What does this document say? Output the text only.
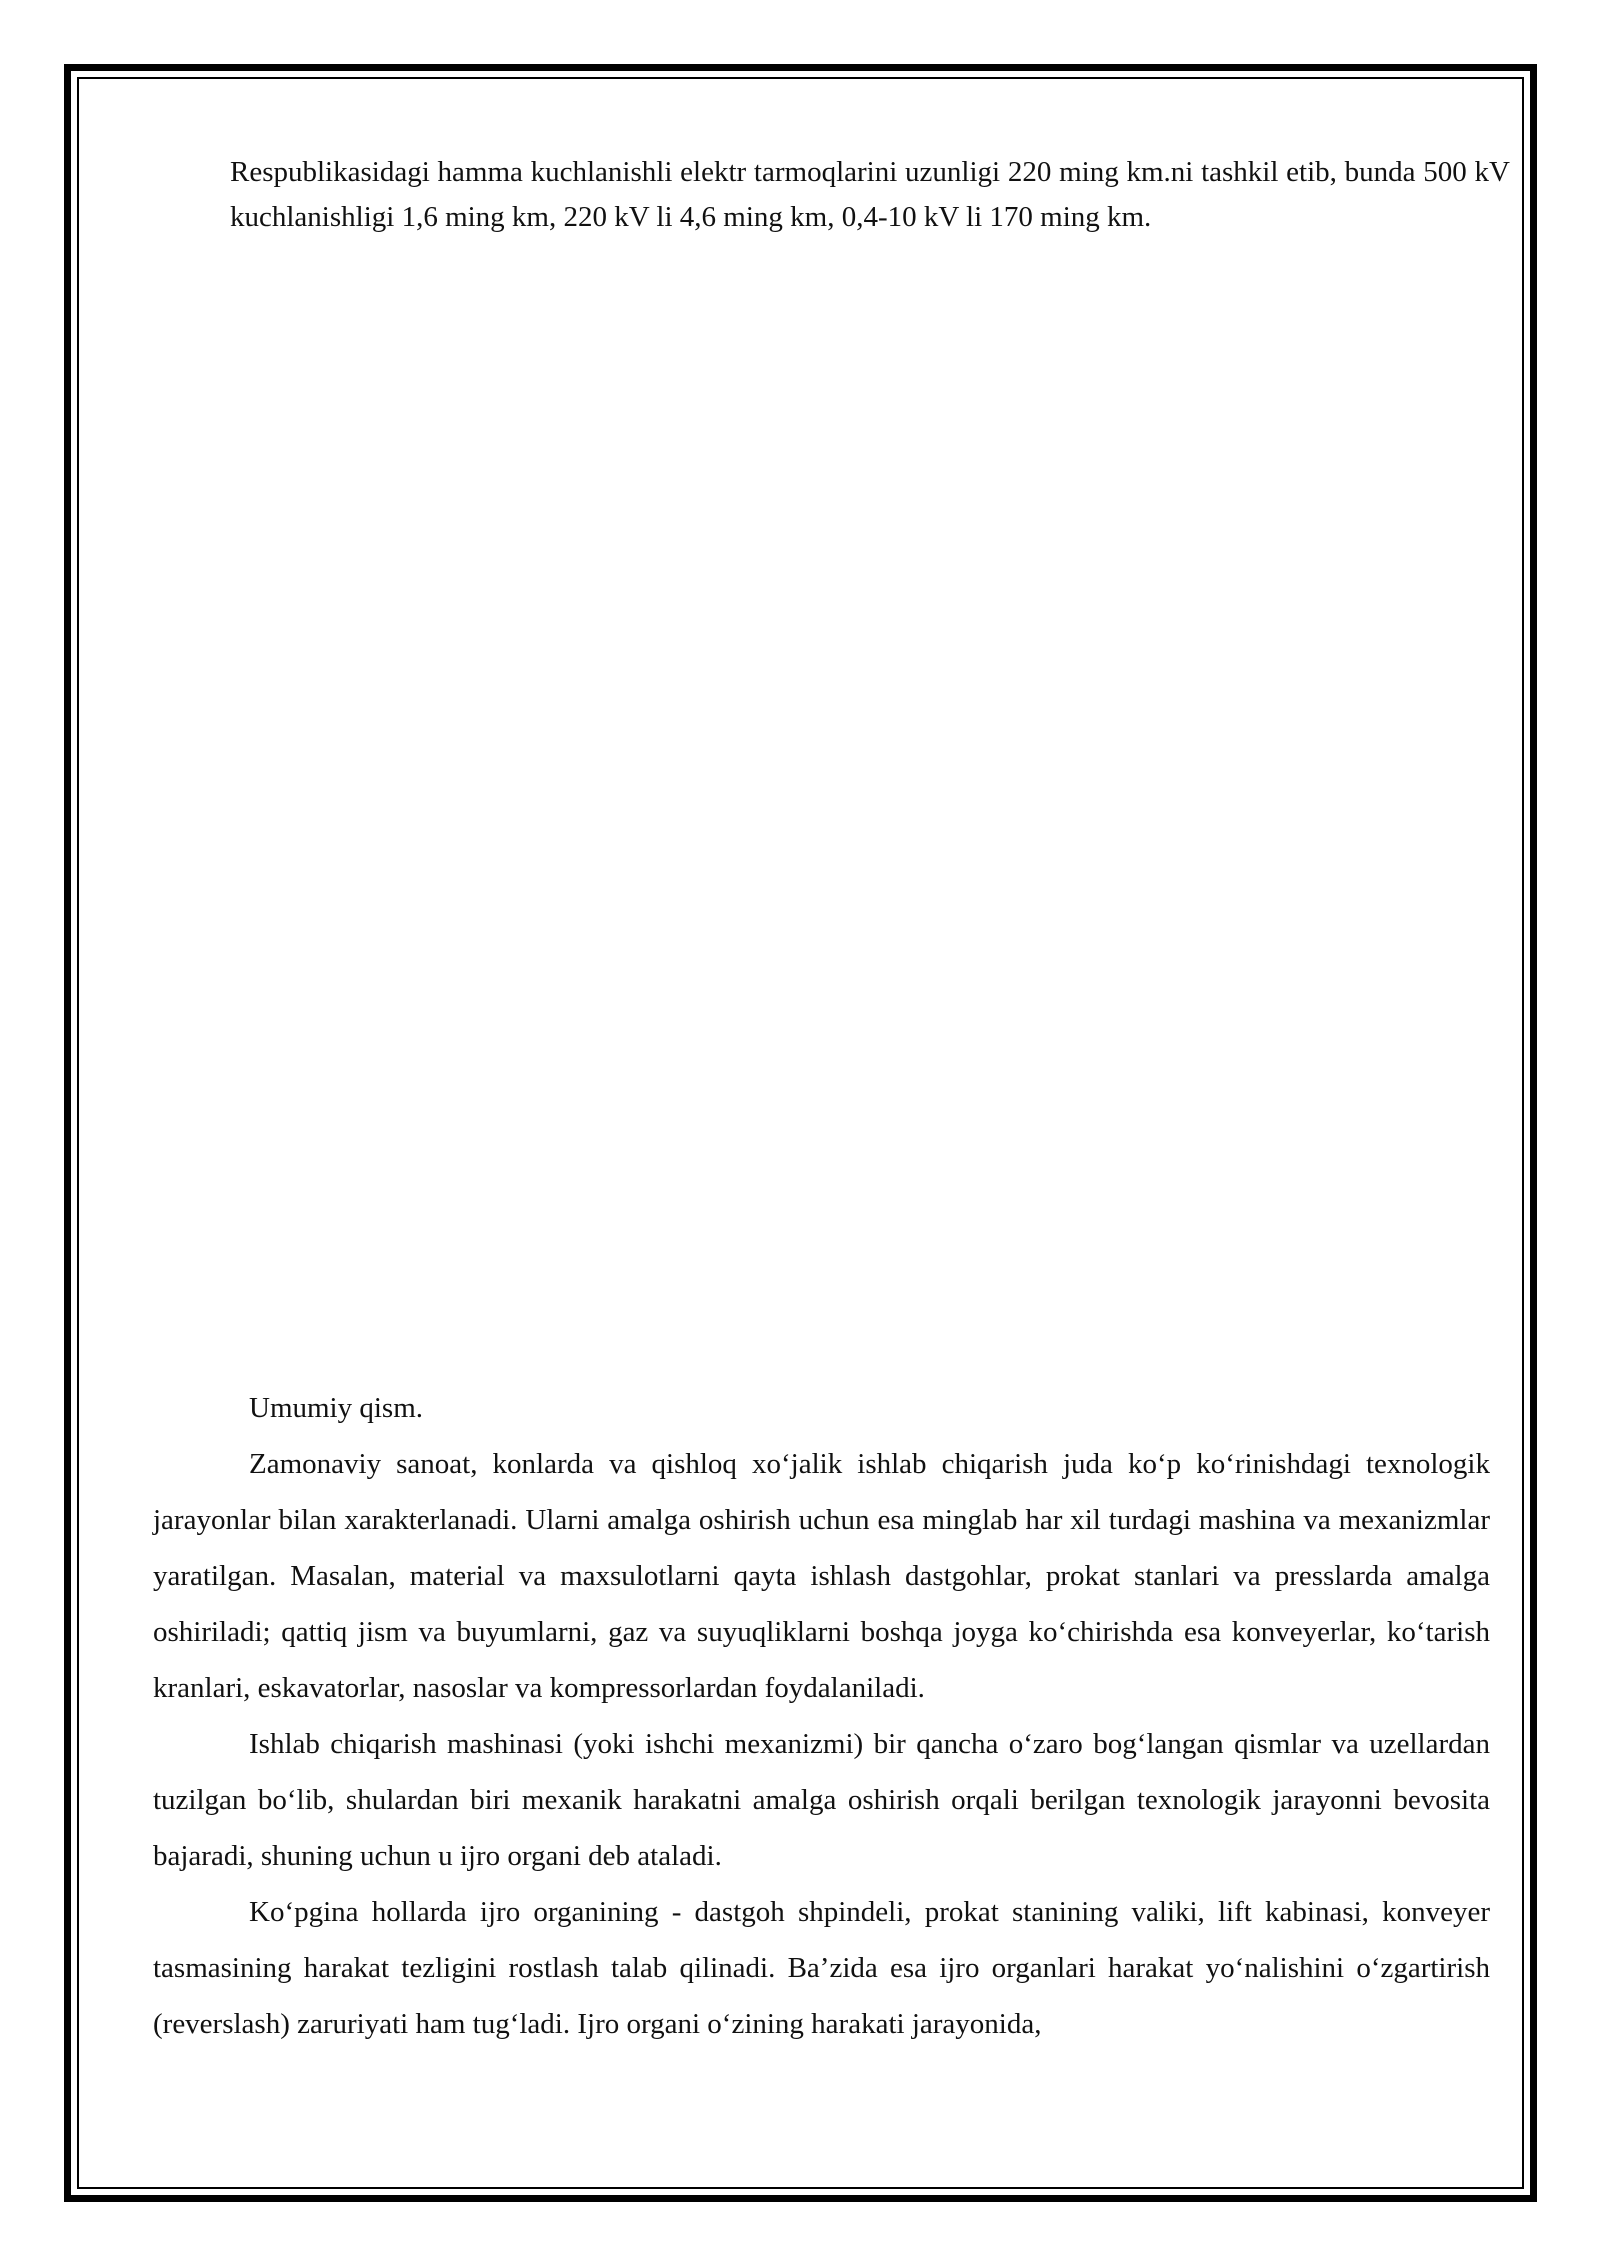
Respublikasidagi hamma kuchlanishli elektr tarmoqlarini uzunligi 220 ming km.ni tashkil etib, bunda 500 kV kuchlanishligi 1,6 ming km, 220 kV li 4,6 ming km, 0,4-10 kV li 170 ming km.

Umumiy qism.

Zamonaviy sanoat, konlarda va qishloq xo‘jalik ishlab chiqarish juda ko‘p ko‘rinishdagi texnologik jarayonlar bilan xarakterlanadi. Ularni amalga oshirish uchun esa minglab har xil turdagi mashina va mexanizmlar yaratilgan. Masalan, material va maxsulotlarni qayta ishlash dastgohlar, prokat stanlari va presslarda amalga oshiriladi; qattiq jism va buyumlarni, gaz va suyuqliklarni boshqa joyga ko‘chirishda esa konveyerlar, ko‘tarish kranlari, eskavatorlar, nasoslar va kompressorlardan foydalaniladi.

Ishlab chiqarish mashinasi (yoki ishchi mexanizmi) bir qancha o‘zaro bog‘langan qismlar va uzellardan tuzilgan bo‘lib, shulardan biri mexanik harakatni amalga oshirish orqali berilgan texnologik jarayonni bevosita bajaradi, shuning uchun u ijro organi deb ataladi.

Ko‘pgina hollarda ijro organining - dastgoh shpindeli, prokat stanining valiki, lift kabinasi, konveyer tasmasining harakat tezligini rostlash talab qilinadi. Ba’zida esa ijro organlari harakat yo‘nalishini o‘zgartirish (reverslash) zaruriyati ham tug‘ladi. Ijro organi o‘zining harakati jarayonida,
